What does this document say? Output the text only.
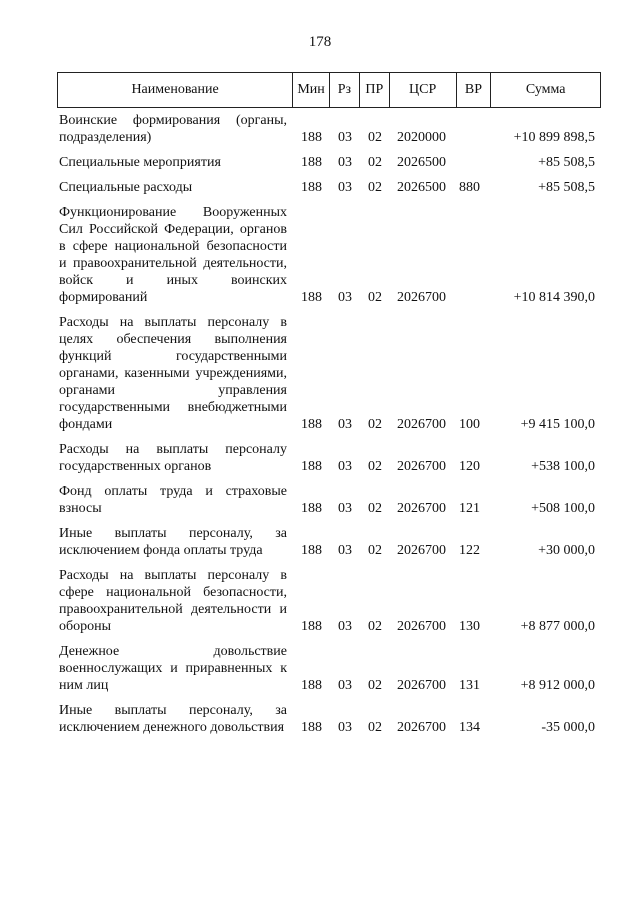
178
Наименование	Мин Рз	ПР	ЦСР	ВР	Сумма
Воинские формирования (органы, подразделения)	188	03	02	2020000	+10 899 898,5
Специальные мероприятия	188	03	02	2026500	+85 508,5
Специальные расходы	188	03	02	2026500 880	+85 508,5
Функционирование Вооруженных Сил Российской Федерации, органов в сфере национальной безопасности и правоохранительной деятельности, войск и иных воинских формирований	188	03	02	2026700	+10 814 390,0
Расходы на выплаты персоналу в целях обеспечения выполнения функций государственными органами, казенными учреждениями, органами управления государственными внебюджетными фондами	188	03	02	2026700 100	+9 415 100,0
Расходы на выплаты персоналу государственных органов	188	03	02	2026700 120	+538 100,0
Фонд оплаты труда и страховые взносы	188	03	02	2026700 121	+508 100,0
Иные выплаты персоналу, за исключением фонда оплаты труда	188	03	02	2026700 122	+30 000,0
Расходы на выплаты персоналу в сфере национальной безопасности, правоохранительной деятельности и обороны	188	03	02	2026700 130	+8 877 000,0
Денежное довольствие военнослужащих и приравненных к ним лиц	188	03	02	2026700 131	+8 912 000,0
Иные выплаты персоналу, за исключением денежного довольствия	188	03	02	2026700 134	-35 000,0
